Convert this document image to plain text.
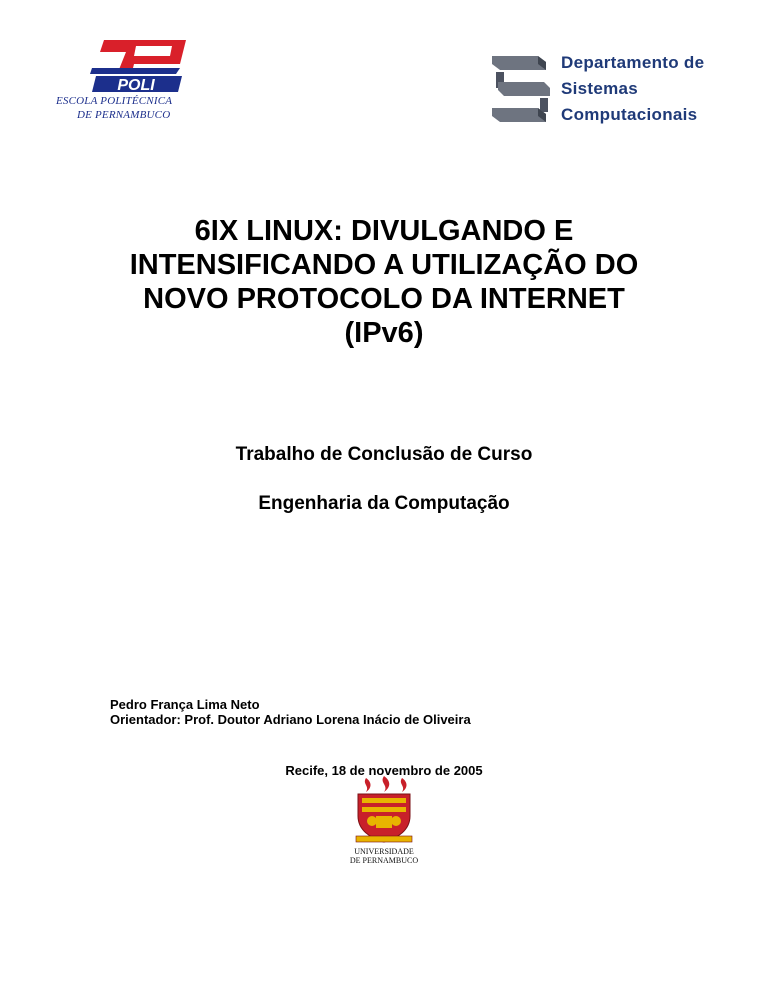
POLI
ESCOLA POLITÉCNICA
DE PERNAMBUCO
Departamento de
Sistemas
Computacionais
6IX LINUX: DIVULGANDO E
INTENSIFICANDO A UTILIZAÇÃO DO
NOVO PROTOCOLO DA INTERNET
(IPv6)
Trabalho de Conclusão de Curso
Engenharia da Computação
Pedro França Lima Neto
Orientador: Prof. Doutor Adriano Lorena Inácio de Oliveira
Recife, 18 de novembro de 2005
UNIVERSIDADE
DE PERNAMBUCO
